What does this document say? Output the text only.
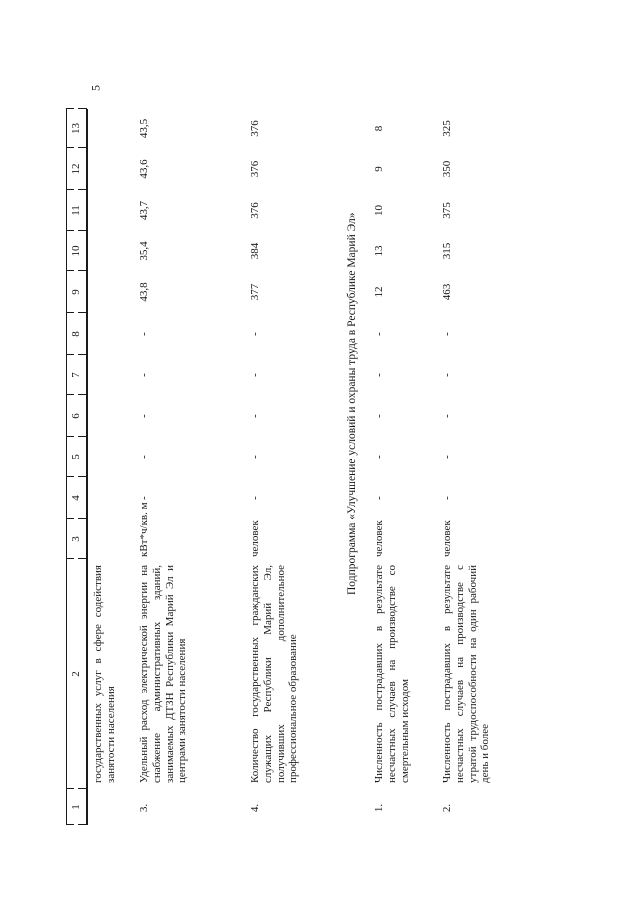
5
1
2
3
4
5
6
7
8
9
10
11
12
13
государственных услуг в сфере содействия занятости населения
3.
Удельный расход электрической энергии на снабжение административных зданий, занимаемых ДТЗН Республики Марий Эл и центрами занятости населения
кВт*ч/кв. м
-
-
-
-
-
43,8
35,4
43,7
43,6
43,5
4.
Количество государственных гражданских служащих Республики Марий Эл, получивших дополнительное профессиональное образование
человек
-
-
-
-
-
377
384
376
376
376
Подпрограмма «Улучшение условий и охраны труда в Республике Марий Эл»
1.
Численность пострадавших в результате несчастных случаев на производстве со смертельным исходом
человек
-
-
-
-
-
12
13
10
9
8
2.
Численность пострадавших в результате несчастных случаев на производстве с утратой трудоспособности на один рабочий день и более
человек
-
-
-
-
-
463
315
375
350
325
